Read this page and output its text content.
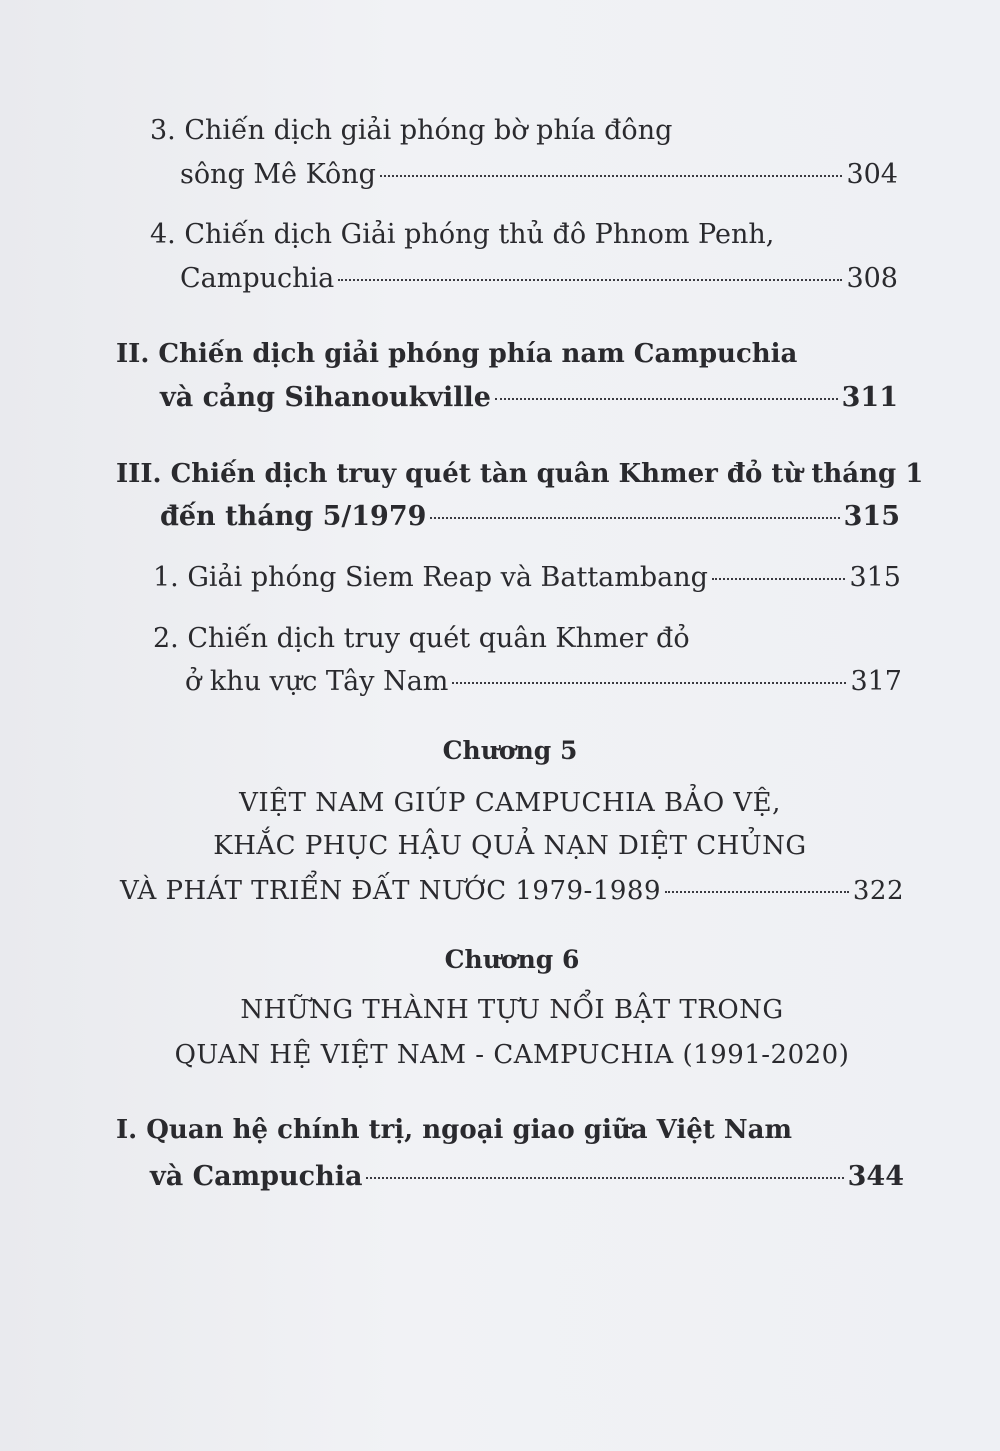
3. Chiến dịch giải phóng bờ phía đông
sông Mê Kông	304
4. Chiến dịch Giải phóng thủ đô Phnom Penh,
Campuchia	308
II. Chiến dịch giải phóng phía nam Campuchia
và cảng Sihanoukville	311
III. Chiến dịch truy quét tàn quân Khmer đỏ từ tháng 1
đến tháng 5/1979	315
1. Giải phóng Siem Reap và Battambang	315
2. Chiến dịch truy quét quân Khmer đỏ
ở khu vực Tây Nam	317
Chương 5
VIỆT NAM GIÚP CAMPUCHIA BẢO VỆ,
KHẮC PHỤC HẬU QUẢ NẠN DIỆT CHỦNG
VÀ PHÁT TRIỂN ĐẤT NƯỚC 1979-1989	322
Chương 6
NHỮNG THÀNH TỰU NỔI BẬT TRONG
QUAN HỆ VIỆT NAM - CAMPUCHIA (1991-2020)
I. Quan hệ chính trị, ngoại giao giữa Việt Nam
và Campuchia	344
